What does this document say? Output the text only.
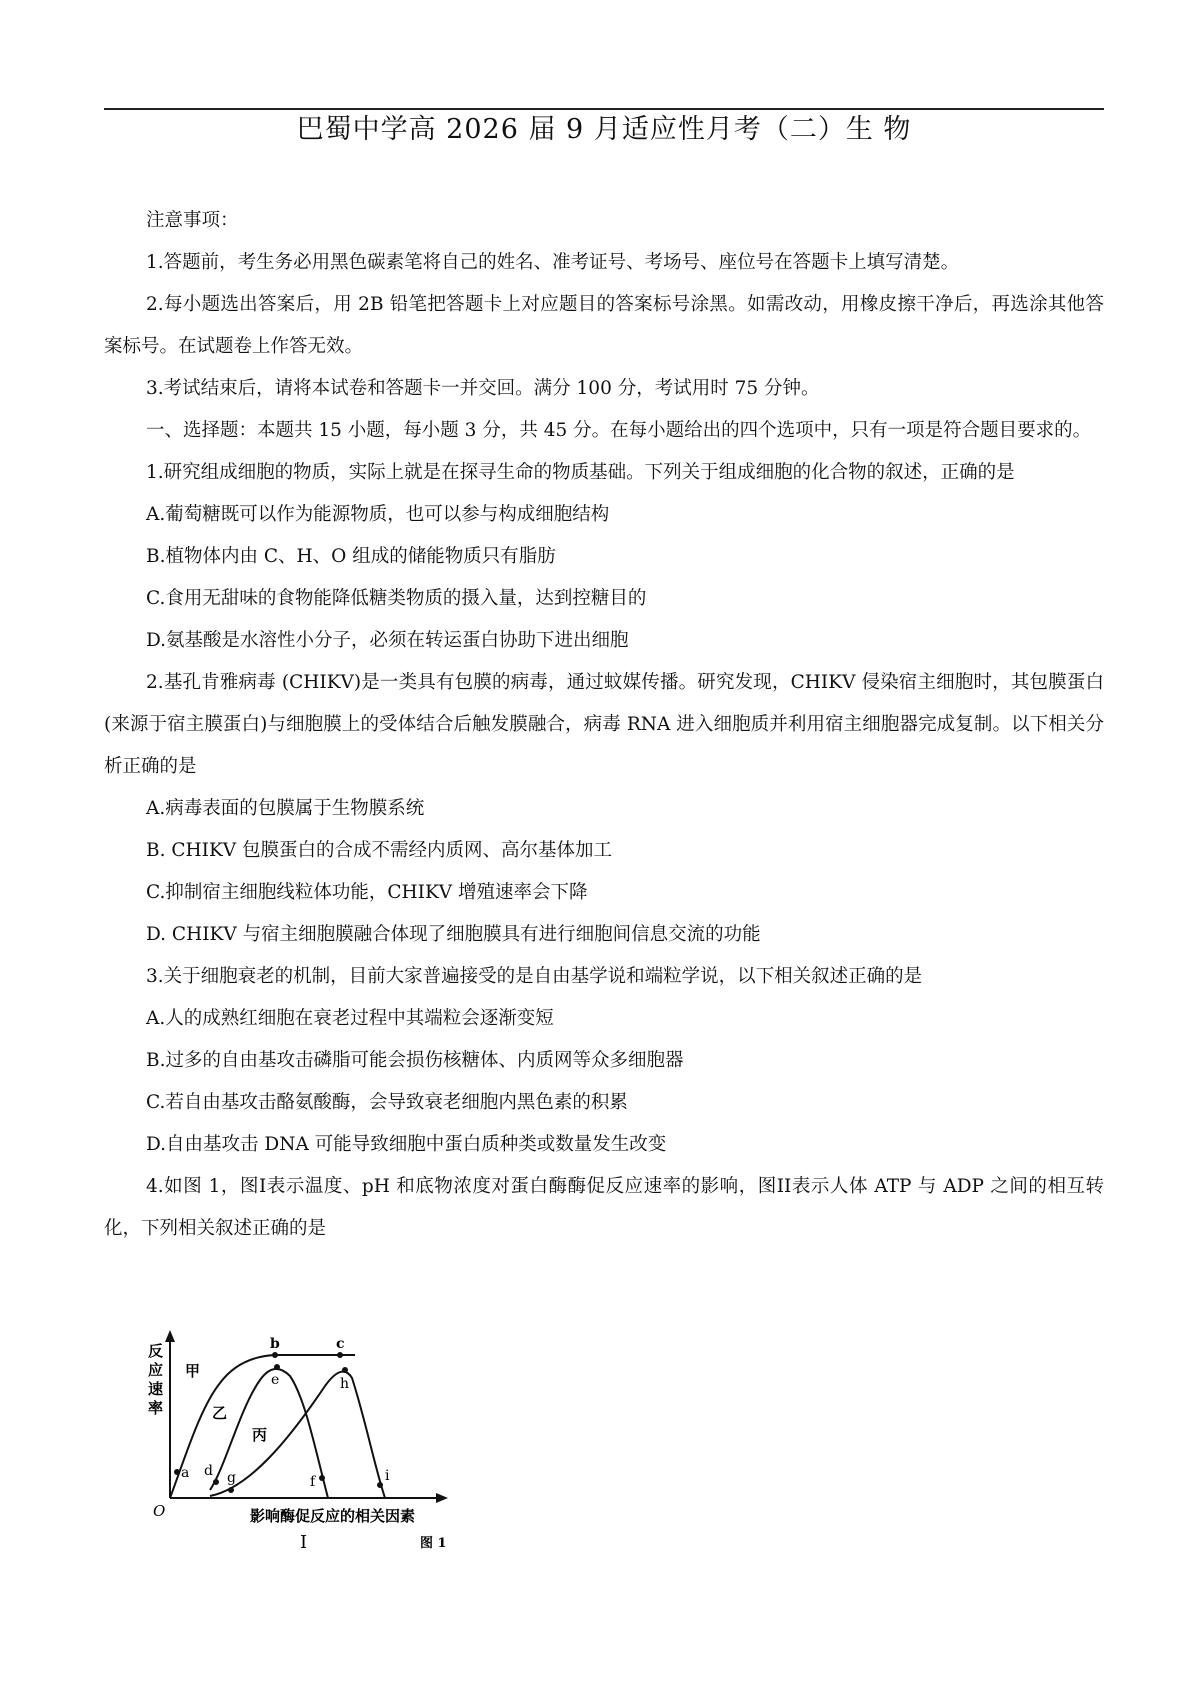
巴蜀中学高 2026 届 9 月适应性月考（二）生 物

注意事项：

1.答题前，考生务必用黑色碳素笔将自己的姓名、准考证号、考场号、座位号在答题卡上填写清楚。

2.每小题选出答案后，用 2B 铅笔把答题卡上对应题目的答案标号涂黑。如需改动，用橡皮擦干净后，再选涂其他答案标号。在试题卷上作答无效。

3.考试结束后，请将本试卷和答题卡一并交回。满分 100 分，考试用时 75 分钟。

一、选择题：本题共 15 小题，每小题 3 分，共 45 分。在每小题给出的四个选项中，只有一项是符合题目要求的。

1.研究组成细胞的物质，实际上就是在探寻生命的物质基础。下列关于组成细胞的化合物的叙述，正确的是

A.葡萄糖既可以作为能源物质，也可以参与构成细胞结构

B.植物体内由 C、H、O 组成的储能物质只有脂肪

C.食用无甜味的食物能降低糖类物质的摄入量，达到控糖目的

D.氨基酸是水溶性小分子，必须在转运蛋白协助下进出细胞

2.基孔肯雅病毒 (CHIKV)是一类具有包膜的病毒，通过蚊媒传播。研究发现，CHIKV 侵染宿主细胞时，其包膜蛋白(来源于宿主膜蛋白)与细胞膜上的受体结合后触发膜融合，病毒 RNA 进入细胞质并利用宿主细胞器完成复制。以下相关分析正确的是

A.病毒表面的包膜属于生物膜系统

B. CHIKV 包膜蛋白的合成不需经内质网、高尔基体加工

C.抑制宿主细胞线粒体功能，CHIKV 增殖速率会下降

D. CHIKV 与宿主细胞膜融合体现了细胞膜具有进行细胞间信息交流的功能

3.关于细胞衰老的机制，目前大家普遍接受的是自由基学说和端粒学说，以下相关叙述正确的是

A.人的成熟红细胞在衰老过程中其端粒会逐渐变短

B.过多的自由基攻击磷脂可能会损伤核糖体、内质网等众多细胞器

C.若自由基攻击酪氨酸酶，会导致衰老细胞内黑色素的积累

D.自由基攻击 DNA 可能导致细胞中蛋白质种类或数量发生改变

4.如图 1，图I表示温度、pH 和底物浓度对蛋白酶酶促反应速率的影响，图II表示人体 ATP 与 ADP 之间的相互转化，下列相关叙述正确的是

反
应
速
率
O
a
b	c
d
e
f
g
h
i
甲
乙
丙
影响酶促反应的相关因素
I	图 1
